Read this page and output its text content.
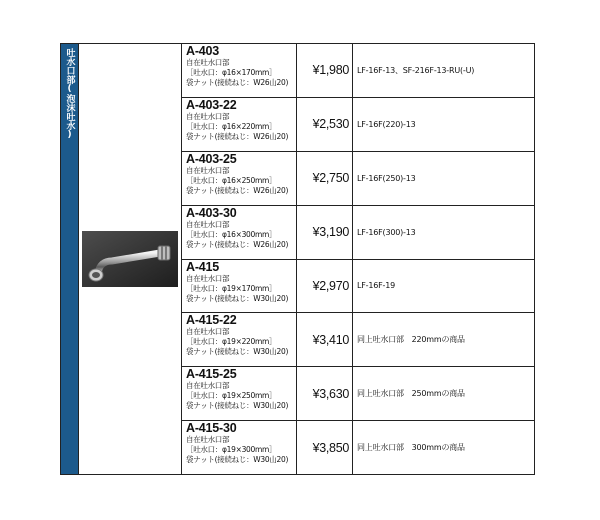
吐水口部(泡沫吐水)		A-403
自在吐水口部
［吐水口：φ16×170mm］
袋ナット(接続ねじ：W26山20)	¥1,980	LF-16F-13、SF-216F-13-RU(-U)

		A-403-22
自在吐水口部
［吐水口：φ16×220mm］
袋ナット(接続ねじ：W26山20)	¥2,530	LF-16F(220)-13

		A-403-25
自在吐水口部
［吐水口：φ16×250mm］
袋ナット(接続ねじ：W26山20)	¥2,750	LF-16F(250)-13

		A-403-30
自在吐水口部
［吐水口：φ16×300mm］
袋ナット(接続ねじ：W26山20)	¥3,190	LF-16F(300)-13

		A-415
自在吐水口部
［吐水口：φ19×170mm］
袋ナット(接続ねじ：W30山20)	¥2,970	LF-16F-19

		A-415-22
自在吐水口部
［吐水口：φ19×220mm］
袋ナット(接続ねじ：W30山20)	¥3,410	同上吐水口部　220mmの商品

		A-415-25
自在吐水口部
［吐水口：φ19×250mm］
袋ナット(接続ねじ：W30山20)	¥3,630	同上吐水口部　250mmの商品

		A-415-30
自在吐水口部
［吐水口：φ19×300mm］
袋ナット(接続ねじ：W30山20)	¥3,850	同上吐水口部　300mmの商品
